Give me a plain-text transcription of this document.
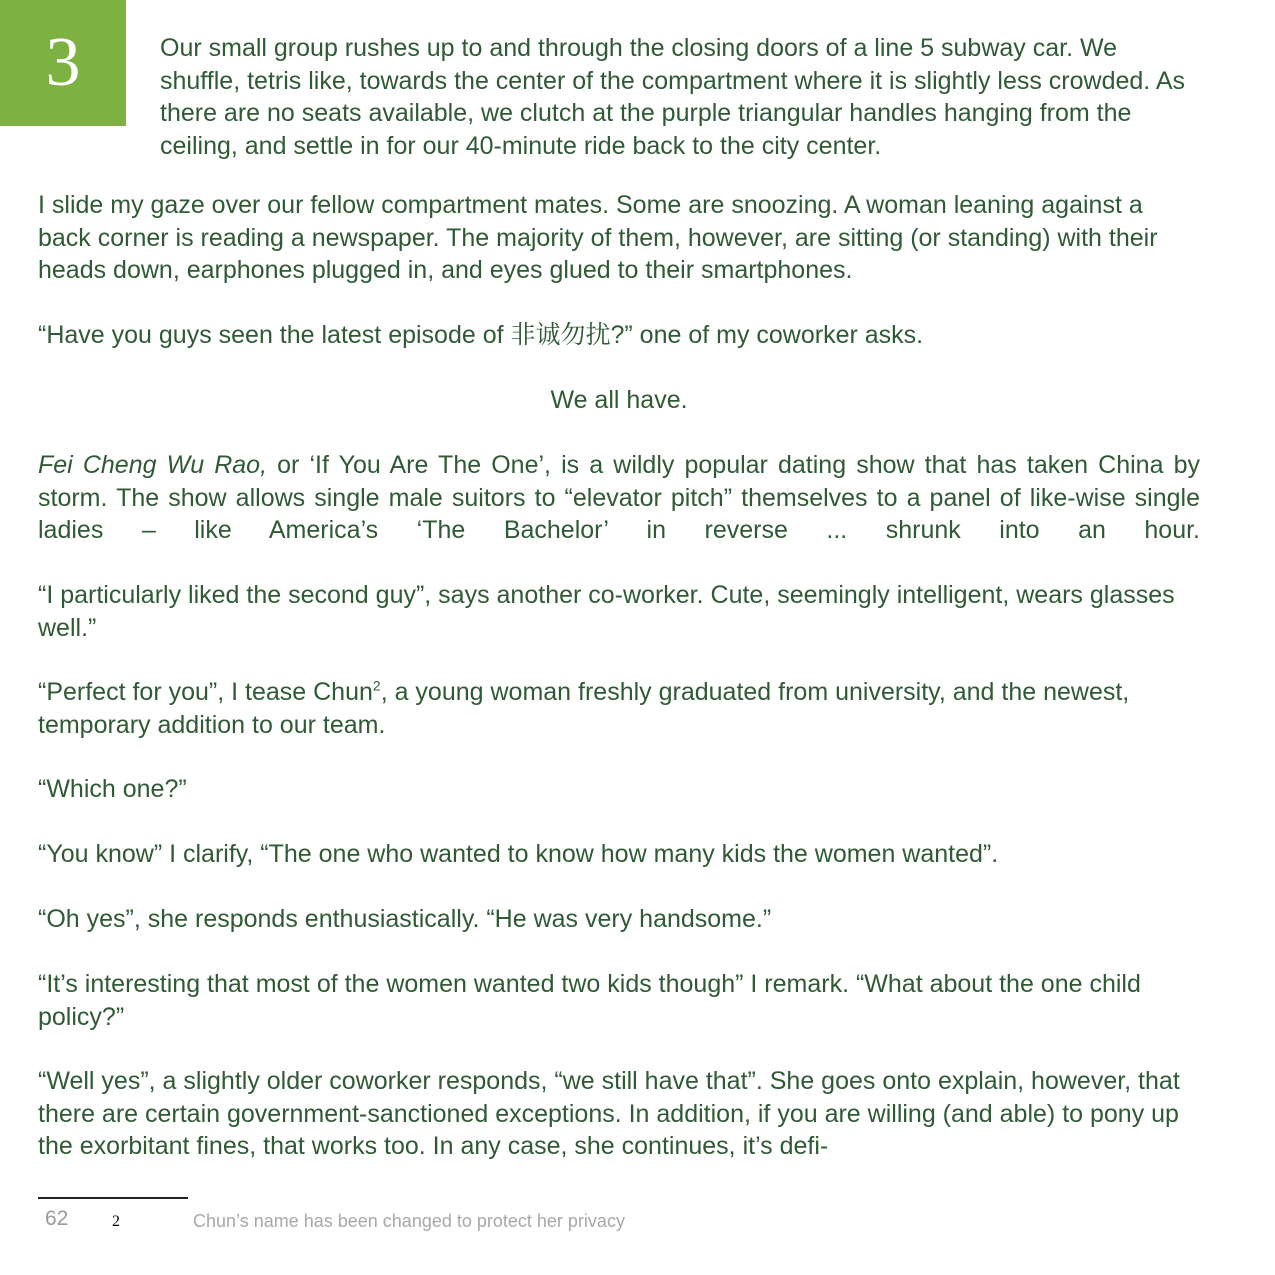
3	Our small group rushes up to and through the closing doors of a line 5 subway car. We shuffle, tetris like, towards the center of the compartment where it is slightly less crowded. As there are no seats available, we clutch at the purple triangular handles hanging from the ceiling, and settle in for our 40-minute ride back to the city center.

I slide my gaze over our fellow compartment mates. Some are snoozing. A woman leaning against a back corner is reading a newspaper. The majority of them, however, are sitting (or standing) with their heads down, earphones plugged in, and eyes glued to their smartphones.

“Have you guys seen the latest episode of 非诚勿扰?” one of my coworker asks.

We all have.

Fei Cheng Wu Rao, or ‘If You Are The One’, is a wildly popular dating show that has taken China by storm. The show allows single male suitors to “elevator pitch” themselves to a panel of like-wise single ladies – like America’s ‘The Bachelor’ in reverse ... shrunk into an hour.

“I particularly liked the second guy”, says another co-worker. Cute, seemingly intelligent, wears glasses well.”

“Perfect for you”, I tease Chun$^2$, a young woman freshly graduated from university, and the newest, temporary addition to our team.

“Which one?”

“You know” I clarify, “The one who wanted to know how many kids the women wanted”.

“Oh yes”, she responds enthusiastically. “He was very handsome.”

“It’s interesting that most of the women wanted two kids though” I remark. “What about the one child policy?”

“Well yes”, a slightly older coworker responds, “we still have that”. She goes onto explain, however, that there are certain government-sanctioned exceptions. In addition, if you are willing (and able) to pony up the exorbitant fines, that works too. In any case, she continues, it’s defi-

62	2	Chun’s name has been changed to protect her privacy
